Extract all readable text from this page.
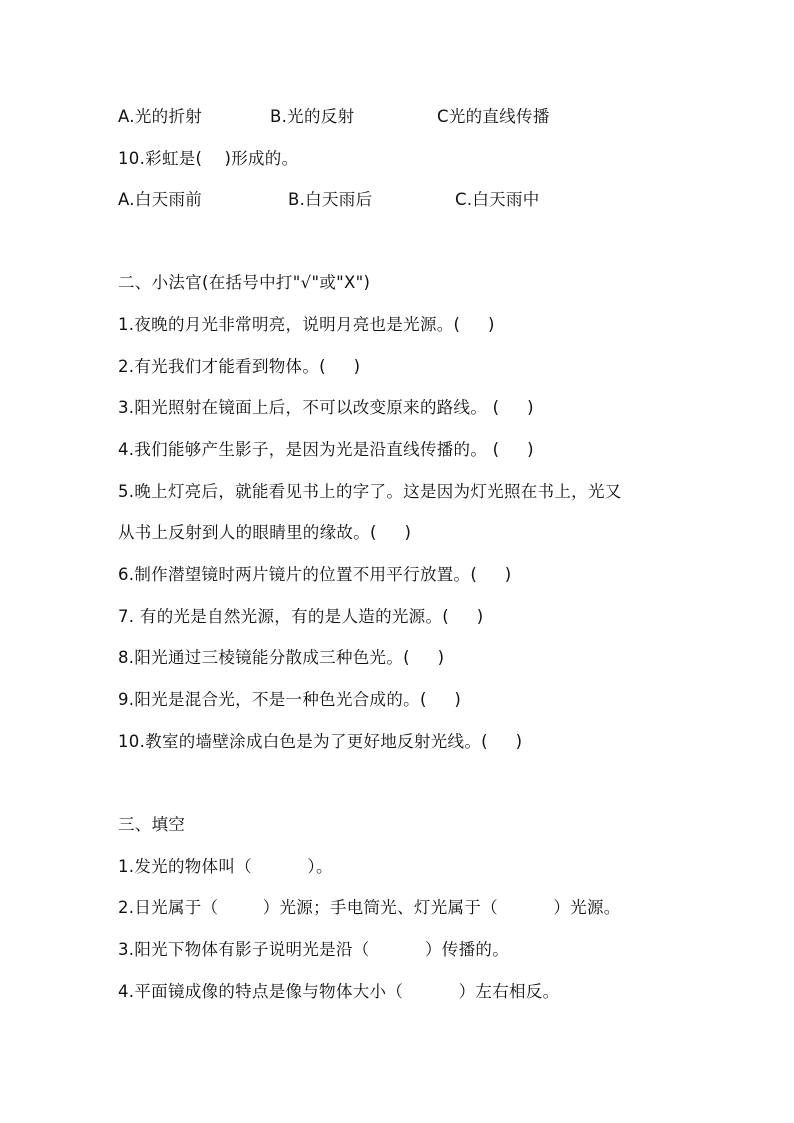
A.光的折射	B.光的反射	C光的直线传播
10.彩虹是(    )形成的。
A.白天雨前	B.白天雨后	C.白天雨中
二、小法官(在括号中打"√"或"X")
1.夜晚的月光非常明亮，说明月亮也是光源。(     )
2.有光我们才能看到物体。(     )
3.阳光照射在镜面上后，不可以改变原来的路线。 (     )
4.我们能够产生影子，是因为光是沿直线传播的。 (     )
5.晚上灯亮后，就能看见书上的字了。这是因为灯光照在书上，光又
从书上反射到人的眼睛里的缘故。(     )
6.制作潜望镜时两片镜片的位置不用平行放置。(     )
7. 有的光是自然光源，有的是人造的光源。(     )
8.阳光通过三棱镜能分散成三种色光。(     )
9.阳光是混合光，不是一种色光合成的。(     )
10.教室的墙壁涂成白色是为了更好地反射光线。(     )
三、填空
1.发光的物体叫（          ）。
2.日光属于（        ）光源；手电筒光、灯光属于（          ）光源。
3.阳光下物体有影子说明光是沿（          ）传播的。
4.平面镜成像的特点是像与物体大小（          ）左右相反。
